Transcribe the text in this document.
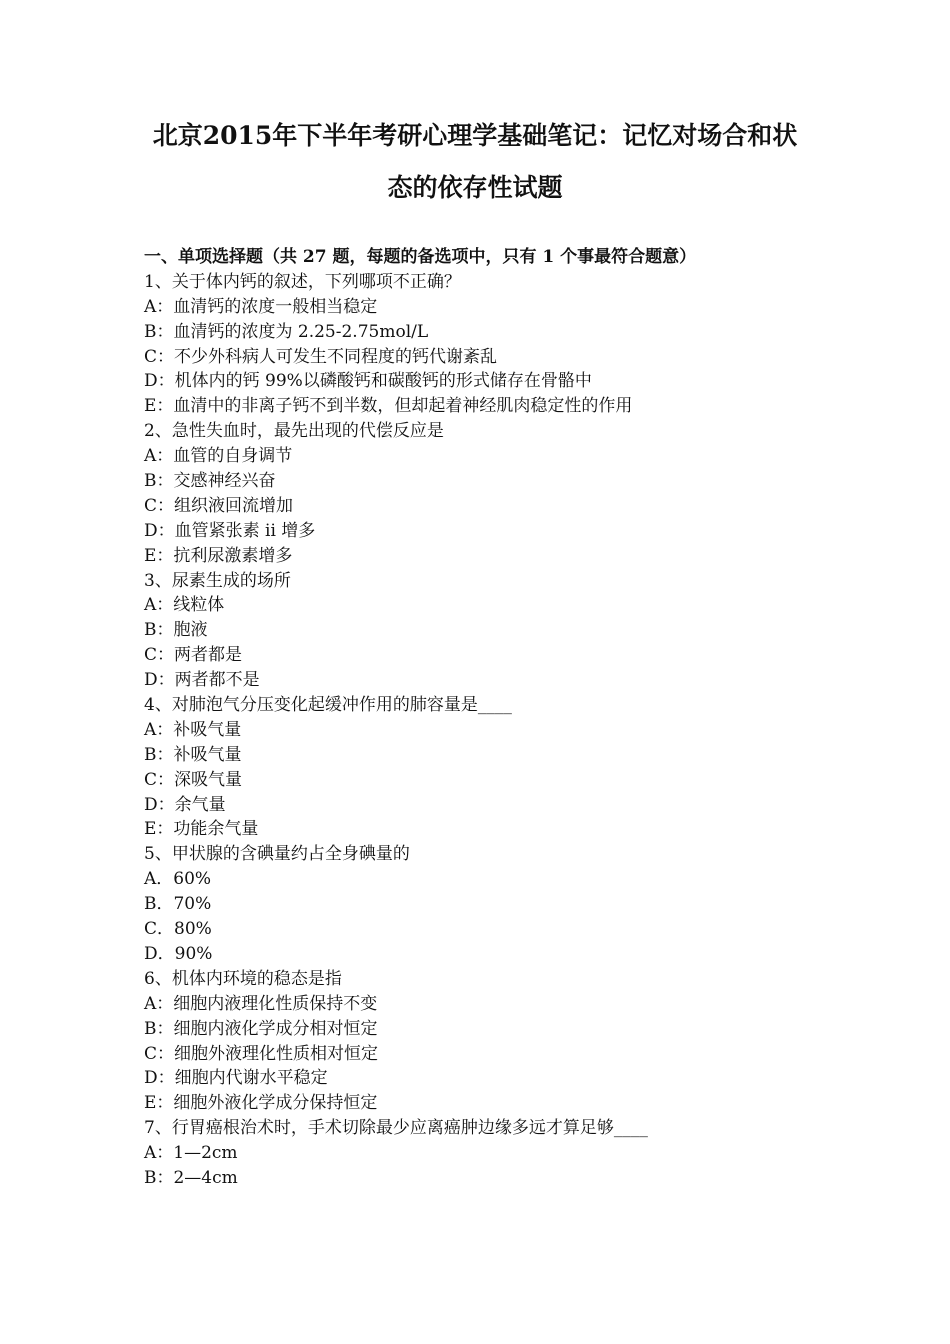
北京2015年下半年考研心理学基础笔记：记忆对场合和状
态的依存性试题
一、单项选择题（共 27 题，每题的备选项中，只有 1 个事最符合题意）
1、关于体内钙的叙述，下列哪项不正确？
A：血清钙的浓度一般相当稳定
B：血清钙的浓度为 2.25-2.75mol/L
C：不少外科病人可发生不同程度的钙代谢紊乱
D：机体内的钙 99%以磷酸钙和碳酸钙的形式储存在骨骼中
E：血清中的非离子钙不到半数，但却起着神经肌肉稳定性的作用
2、急性失血时，最先出现的代偿反应是
A：血管的自身调节
B：交感神经兴奋
C：组织液回流增加
D：血管紧张素 ii 增多
E：抗利尿激素增多
3、尿素生成的场所
A：线粒体
B：胞液
C：两者都是
D：两者都不是
4、对肺泡气分压变化起缓冲作用的肺容量是____
A：补吸气量
B：补吸气量
C：深吸气量
D：余气量
E：功能余气量
5、甲状腺的含碘量约占全身碘量的
A．60%
B．70%
C．80%
D．90%
6、机体内环境的稳态是指
A：细胞内液理化性质保持不变
B：细胞内液化学成分相对恒定
C：细胞外液理化性质相对恒定
D：细胞内代谢水平稳定
E：细胞外液化学成分保持恒定
7、行胃癌根治术时，手术切除最少应离癌肿边缘多远才算足够____
A：1—2cm
B：2—4cm
